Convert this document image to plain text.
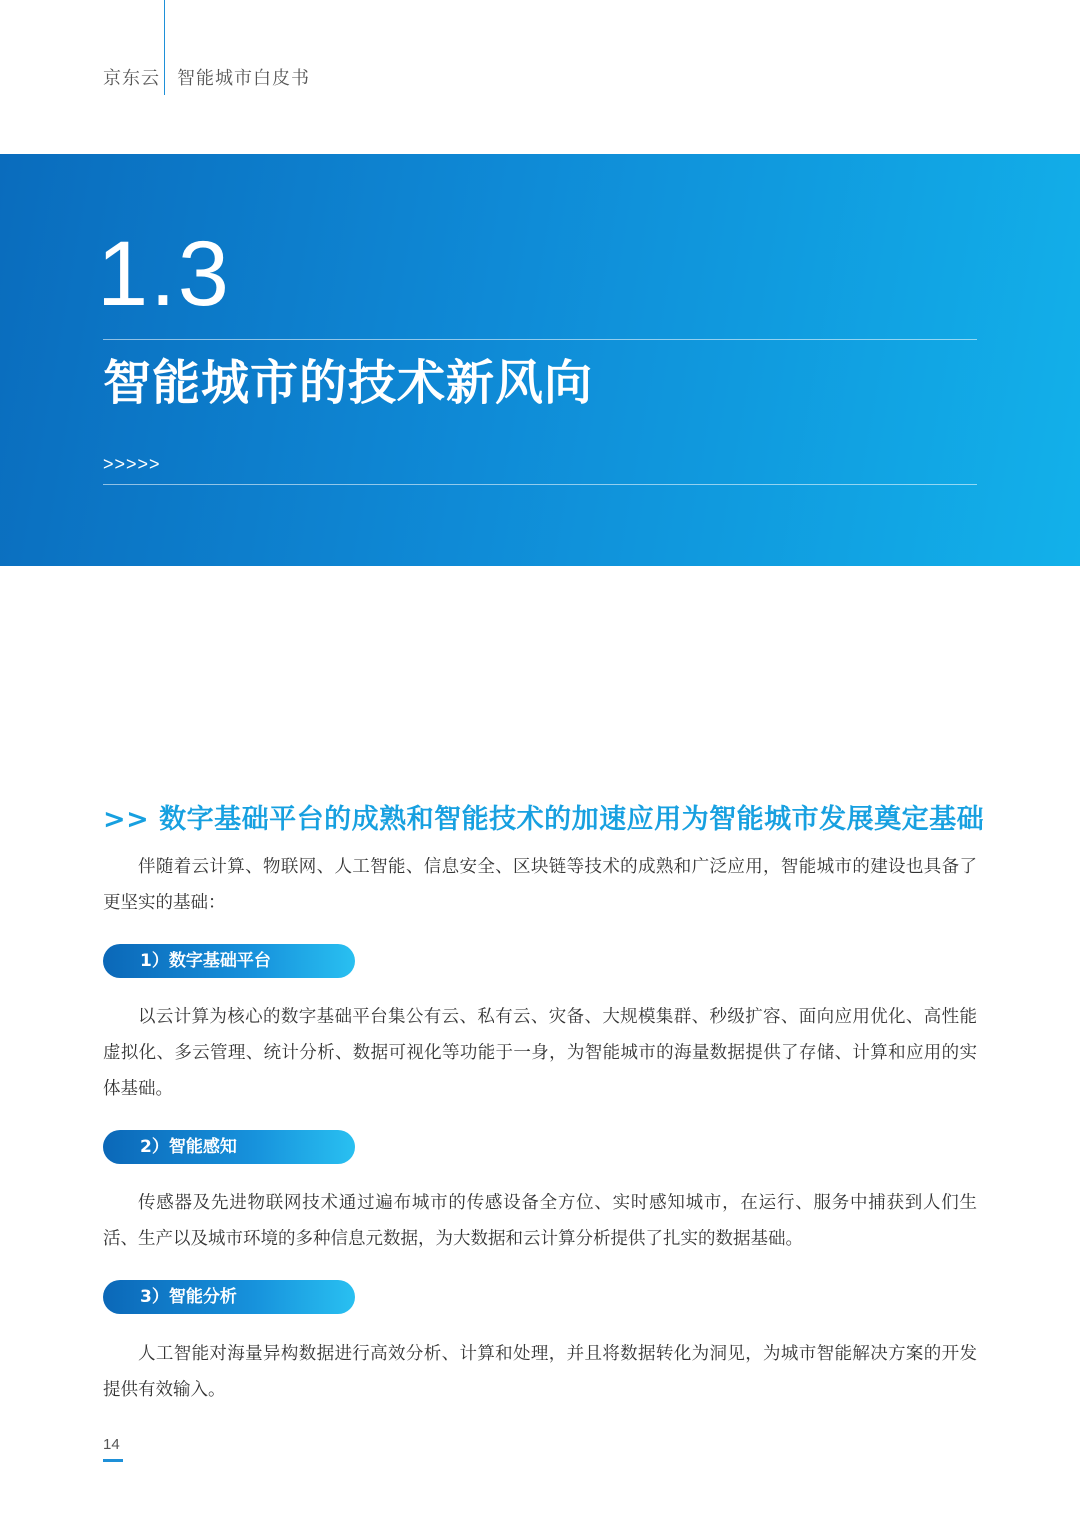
京东云 智能城市白皮书
1.3
智能城市的技术新风向
>>>>>
>> 数字基础平台的成熟和智能技术的加速应用为智能城市发展奠定基础
伴随着云计算、物联网、人工智能、信息安全、区块链等技术的成熟和广泛应用，智能城市的建设也具备了更坚实的基础：
1）数字基础平台
以云计算为核心的数字基础平台集公有云、私有云、灾备、大规模集群、秒级扩容、面向应用优化、高性能虚拟化、多云管理、统计分析、数据可视化等功能于一身，为智能城市的海量数据提供了存储、计算和应用的实体基础。
2）智能感知
传感器及先进物联网技术通过遍布城市的传感设备全方位、实时感知城市，在运行、服务中捕获到人们生活、生产以及城市环境的多种信息元数据，为大数据和云计算分析提供了扎实的数据基础。
3）智能分析
人工智能对海量异构数据进行高效分析、计算和处理，并且将数据转化为洞见，为城市智能解决方案的开发提供有效输入。
14
